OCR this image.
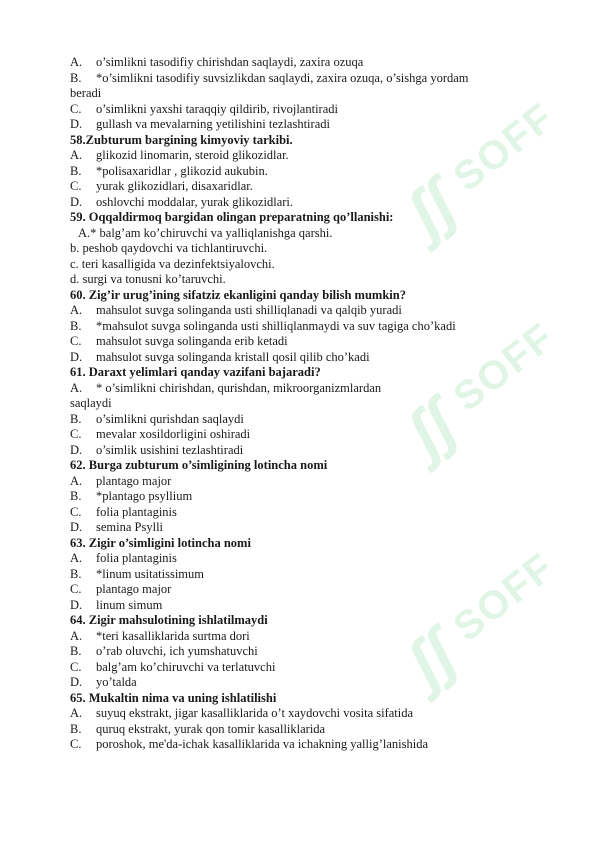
ʃʃ
SOFF
ʃʃ
SOFF
ʃʃ
SOFF
A. o’simlikni tasodifiy chirishdan saqlaydi, zaxira ozuqa
B. *o’simlikni tasodifiy suvsizlikdan saqlaydi, zaxira ozuqa, o’sishga yordam
beradi
C. o’simlikni yaxshi taraqqiy qildirib, rivojlantiradi
D. gullash va mevalarning yetilishini tezlashtiradi
58.Zubturum bargining kimyoviy tarkibi.
A. glikozid linomarin, steroid glikozidlar.
B. *polisaxaridlar , glikozid aukubin.
C. yurak glikozidlari, disaxaridlar.
D. oshlovchi moddalar, yurak glikozidlari.
59. Oqqaldirmoq bargidan olingan preparatning qo’llanishi:
A.* balg’am ko’chiruvchi va yalliqlanishga qarshi.
b. peshob qaydovchi va tichlantiruvchi.
c. teri kasalligida va dezinfektsiyalovchi.
d. surgi va tonusni ko’taruvchi.
60. Zig’ir urug’ining sifatziz ekanligini qanday bilish mumkin?
A. mahsulot suvga solinganda usti shilliqlanadi va qalqib yuradi
B. *mahsulot suvga solinganda usti shilliqlanmaydi va suv tagiga cho’kadi
C. mahsulot suvga solinganda erib ketadi
D. mahsulot suvga solinganda kristall qosil qilib cho’kadi
61. Daraxt yelimlari qanday vazifani bajaradi?
A. * o’simlikni chirishdan, qurishdan, mikroorganizmlardan
saqlaydi
B. o’simlikni qurishdan saqlaydi
C. mevalar xosildorligini oshiradi
D. o’simlik usishini tezlashtiradi
62. Burga zubturum o’simligining lotincha nomi
A. plantago major
B. *plantago psyllium
C. folia plantaginis
D. semina Psylli
63. Zigir o’simligini lotincha nomi
A. folia plantaginis
B. *linum usitatissimum
C. plantago major
D. linum simum
64. Zigir mahsulotining ishlatilmaydi
A. *teri kasalliklarida surtma dori
B. o’rab oluvchi, ich yumshatuvchi
C. balg’am ko’chiruvchi va terlatuvchi
D. yo’talda
65. Mukaltin nima va uning ishlatilishi
A. suyuq ekstrakt, jigar kasalliklarida o’t xaydovchi vosita sifatida
B. quruq ekstrakt, yurak qon tomir kasalliklarida
C. poroshok, me'da-ichak kasalliklarida va ichakning yallig’lanishida
